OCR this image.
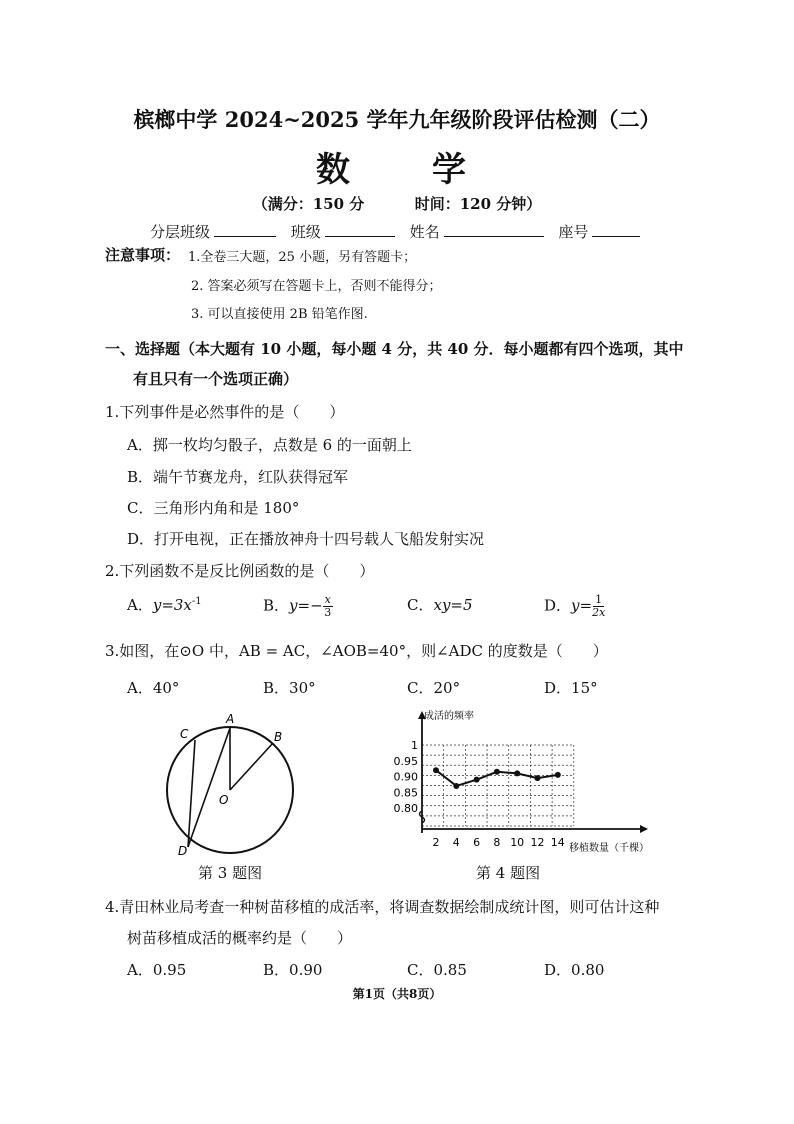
槟榔中学 2024~2025 学年九年级阶段评估检测（二）
数 学
（满分：150 分	时间：120 分钟）
分层班级	班级	姓名	座号
注意事项： 1.全卷三大题，25 小题，另有答题卡；
2. 答案必须写在答题卡上，否则不能得分；
3. 可以直接使用 2B 铅笔作图.
一、选择题（本大题有 10 小题，每小题 4 分，共 40 分．每小题都有四个选项，其中
有且只有一个选项正确）
1.下列事件是必然事件的是（　　）
A．掷一枚均匀骰子，点数是 6 的一面朝上
B．端午节赛龙舟，红队获得冠军
C．三角形内角和是 180°
D．打开电视，正在播放神舟十四号载人飞船发射实况
2.下列函数不是反比例函数的是（　　）
A．$y=3x^{-1}$	B．$y=- \frac{x}{3}$	C．xy=5	D．$y= \frac{1}{2x}$
3.如图，在⊙O 中，AB = AC，∠AOB=40°，则∠ADC 的度数是（　　）
A．40°	B．30°	C．20°	D．15°
A
B
C
D
O
第 3 题图
成活的频率
移植数量（千棵）
1
0.95
0.90
0.85
0.80
2 4 6 8 10 12 14
第 4 题图
4.青田林业局考查一种树苗移植的成活率，将调查数据绘制成统计图，则可估计这种
树苗移植成活的概率约是（　　）
A．0.95	B．0.90	C．0.85	D．0.80
第1页（共8页）
